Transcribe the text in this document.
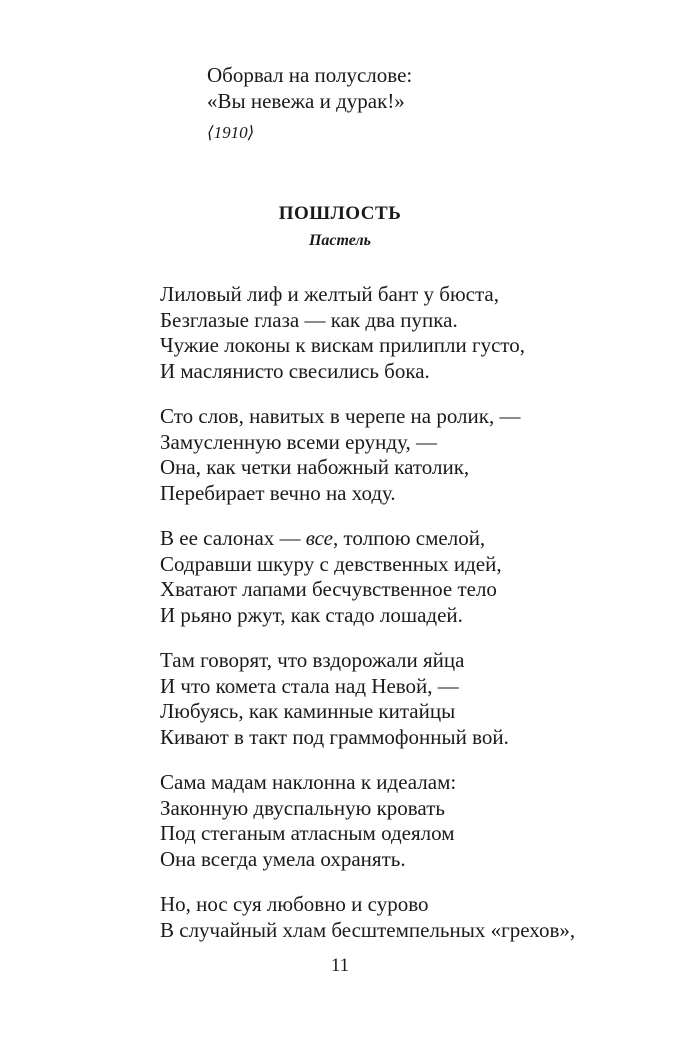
Оборвал на полуслове:
«Вы невежа и дурак!»
⟨1910⟩
ПОШЛОСТЬ
Пастель
Лиловый лиф и желтый бант у бюста,
Безглазые глаза — как два пупка.
Чужие локоны к вискам прилипли густо,
И маслянисто свесились бока.
Сто слов, навитых в черепе на ролик, —
Замусленную всеми ерунду, —
Она, как четки набожный католик,
Перебирает вечно на ходу.
В ее салонах — все, толпою смелой,
Содравши шкуру с девственных идей,
Хватают лапами бесчувственное тело
И рьяно ржут, как стадо лошадей.
Там говорят, что вздорожали яйца
И что комета стала над Невой, —
Любуясь, как каминные китайцы
Кивают в такт под граммофонный вой.
Сама мадам наклонна к идеалам:
Законную двуспальную кровать
Под стеганым атласным одеялом
Она всегда умела охранять.
Но, нос суя любовно и сурово
В случайный хлам бесштемпельных «грехов»,
11
